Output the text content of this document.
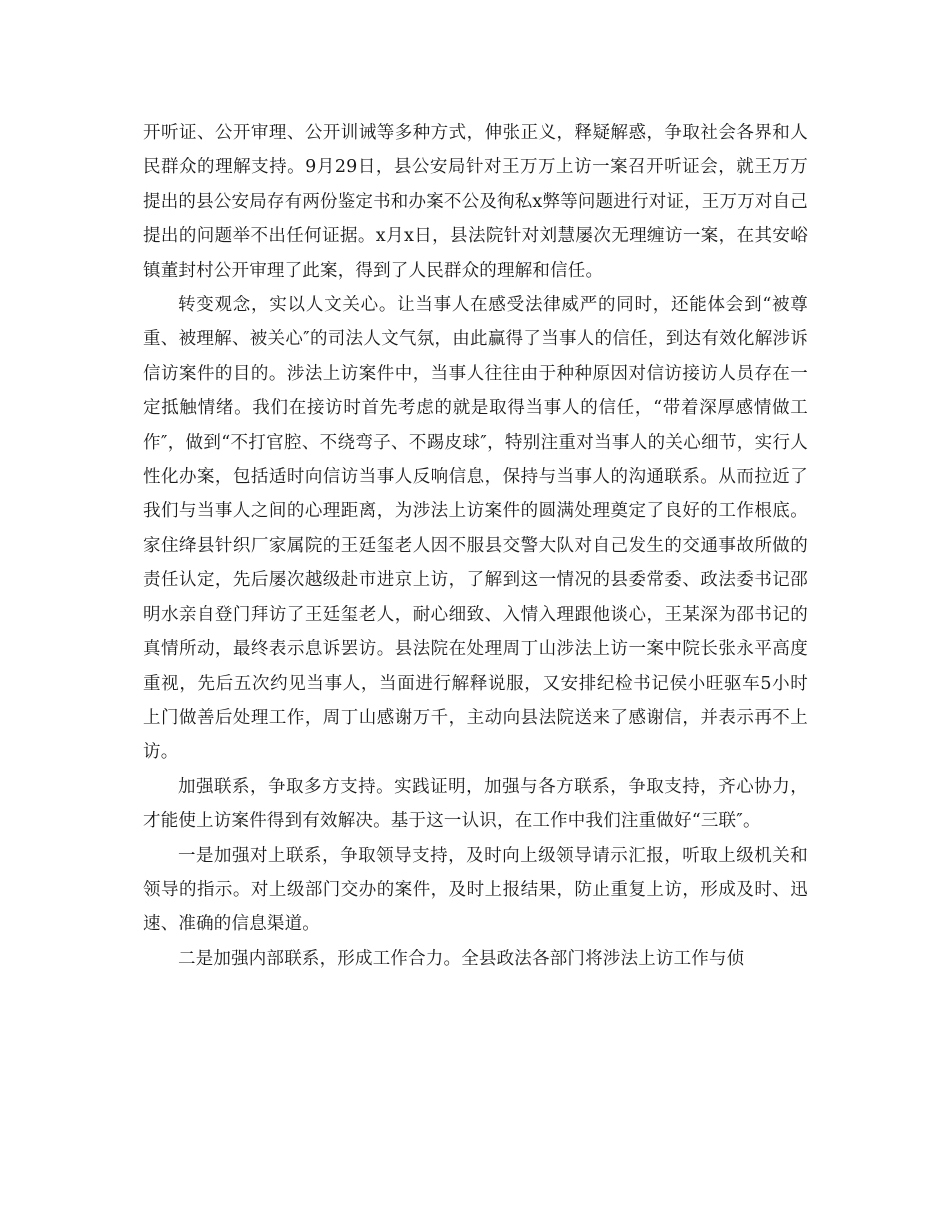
开听证、公开审理、公开训诫等多种方式，伸张正义，释疑解惑，争取社会各界和人民群众的理解支持。9月29日，县公安局针对王万万上访一案召开听证会，就王万万提出的县公安局存有两份鉴定书和办案不公及徇私x弊等问题进行对证，王万万对自己提出的问题举不出任何证据。x月x日，县法院针对刘慧屡次无理缠访一案，在其安峪镇董封村公开审理了此案，得到了人民群众的理解和信任。

转变观念，实以人文关心。让当事人在感受法律威严的同时，还能体会到“被尊重、被理解、被关心″的司法人文气氛，由此赢得了当事人的信任，到达有效化解涉诉信访案件的目的。涉法上访案件中，当事人往往由于种种原因对信访接访人员存在一定抵触情绪。我们在接访时首先考虑的就是取得当事人的信任，“带着深厚感情做工作″，做到“不打官腔、不绕弯子、不踢皮球″，特别注重对当事人的关心细节，实行人性化办案，包括适时向信访当事人反响信息，保持与当事人的沟通联系。从而拉近了我们与当事人之间的心理距离，为涉法上访案件的圆满处理奠定了良好的工作根底。家住绛县针织厂家属院的王廷玺老人因不服县交警大队对自己发生的交通事故所做的责任认定，先后屡次越级赴市进京上访，了解到这一情况的县委常委、政法委书记邵明水亲自登门拜访了王廷玺老人，耐心细致、入情入理跟他谈心，王某深为邵书记的真情所动，最终表示息诉罢访。县法院在处理周丁山涉法上访一案中院长张永平高度重视，先后五次约见当事人，当面进行解释说服，又安排纪检书记侯小旺驱车5小时上门做善后处理工作，周丁山感谢万千，主动向县法院送来了感谢信，并表示再不上访。

加强联系，争取多方支持。实践证明，加强与各方联系，争取支持，齐心协力，才能使上访案件得到有效解决。基于这一认识，在工作中我们注重做好“三联″。

一是加强对上联系，争取领导支持，及时向上级领导请示汇报，听取上级机关和领导的指示。对上级部门交办的案件，及时上报结果，防止重复上访，形成及时、迅速、准确的信息渠道。

二是加强内部联系，形成工作合力。全县政法各部门将涉法上访工作与侦
